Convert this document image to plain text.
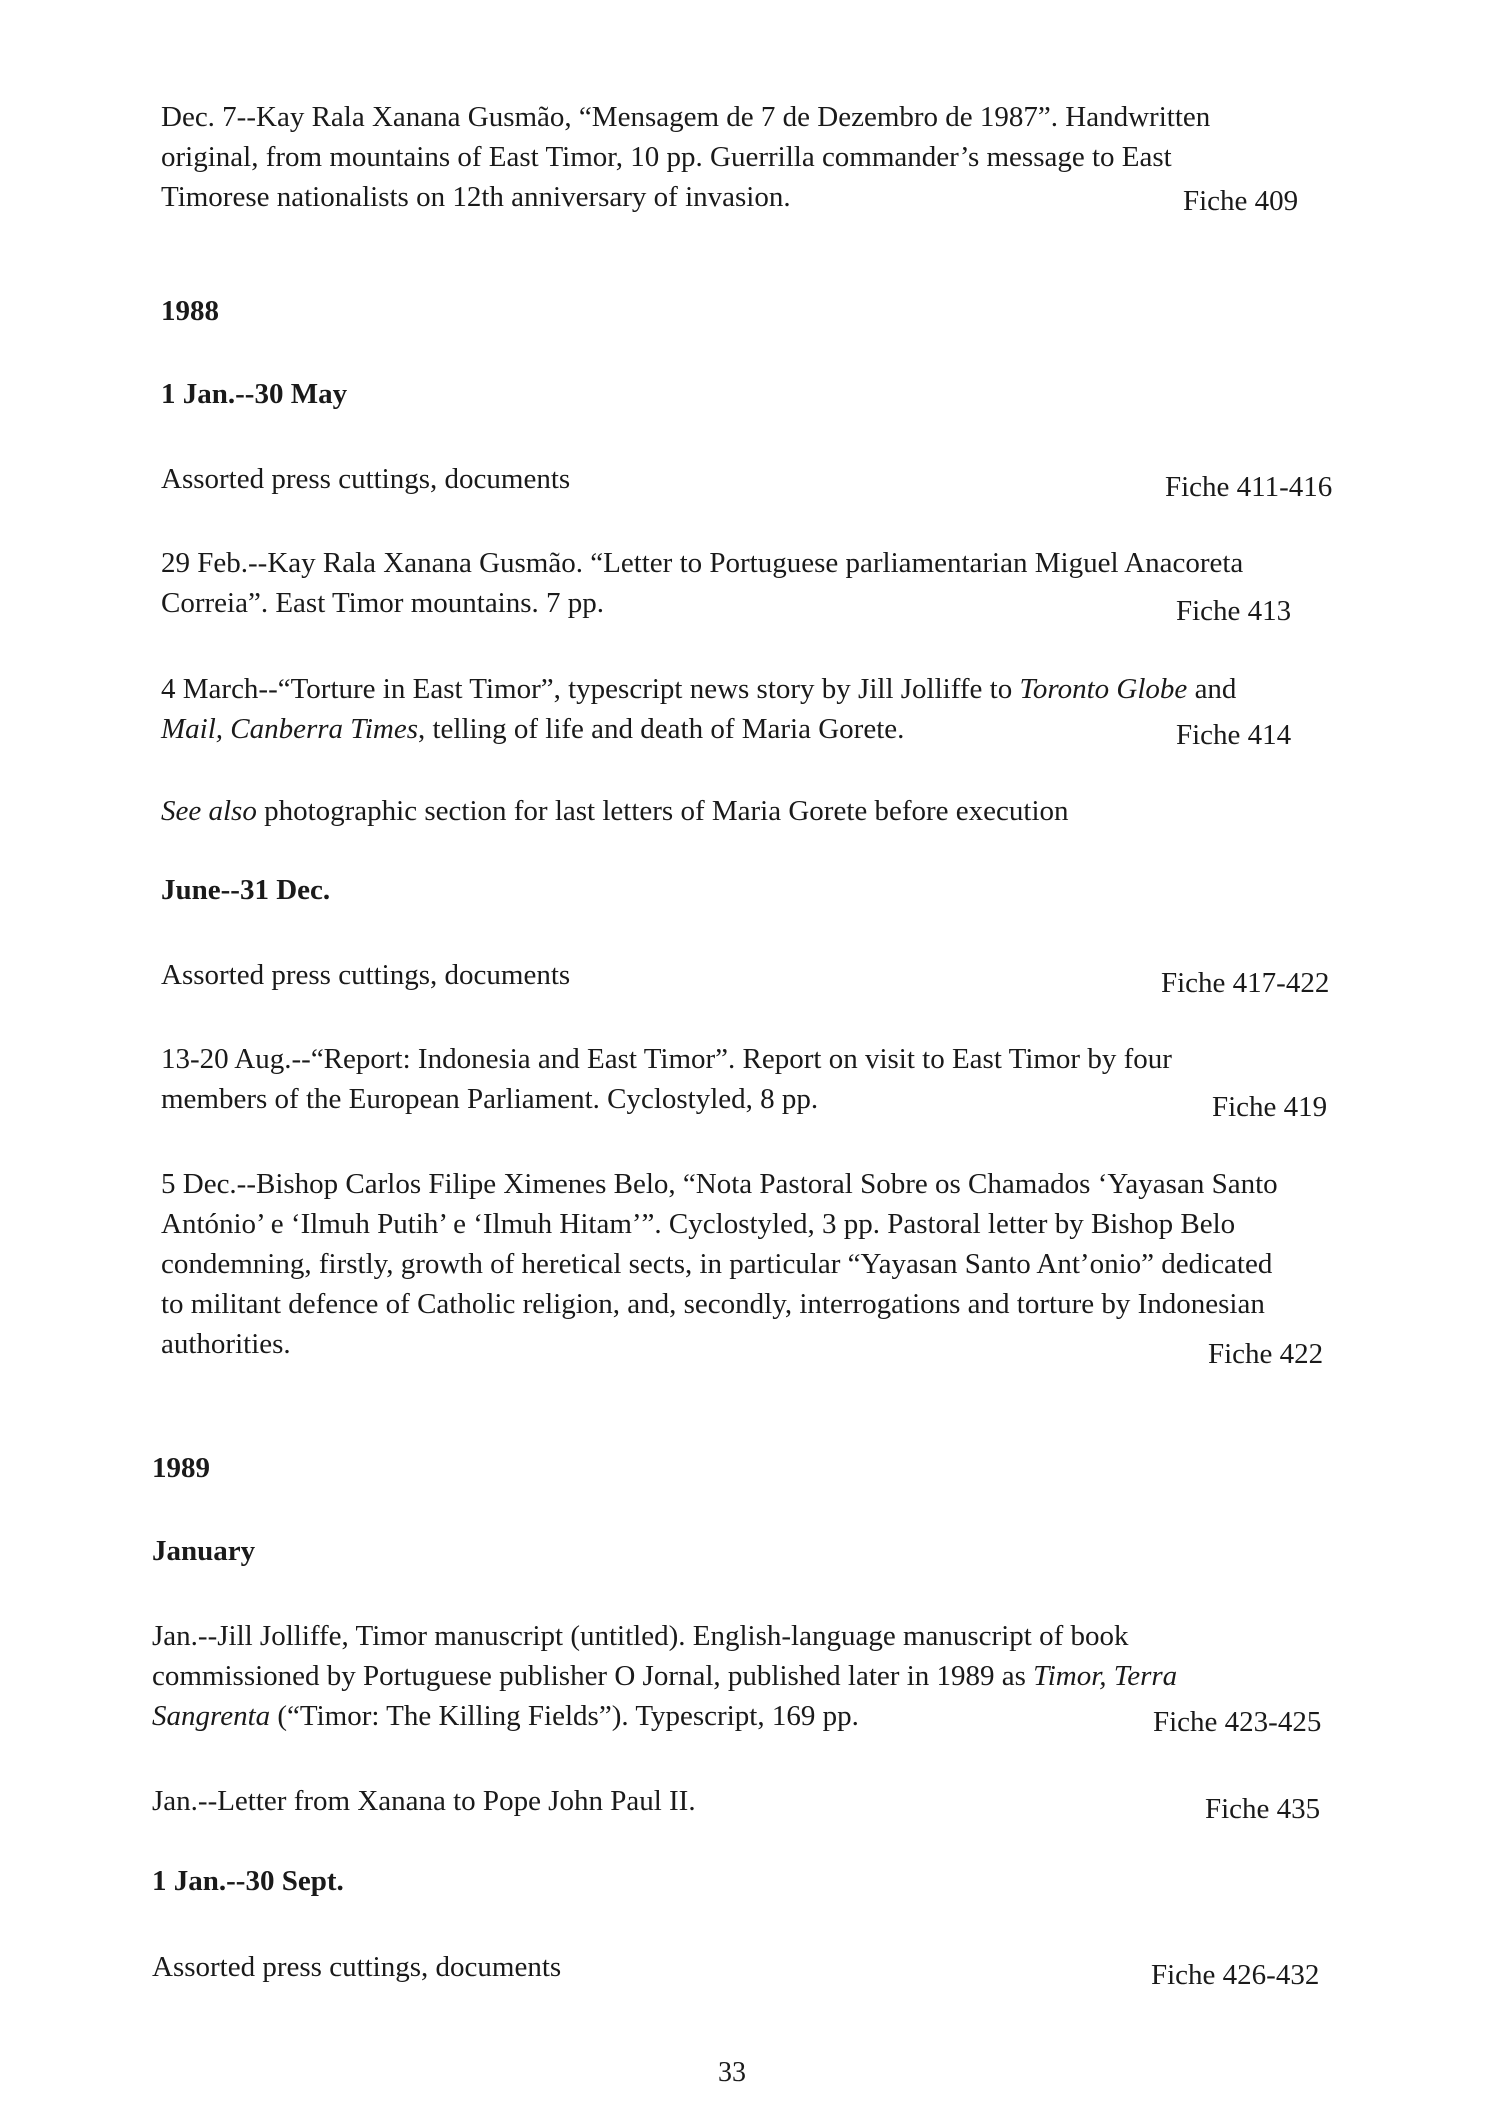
Dec. 7--Kay Rala Xanana Gusmão, “Mensagem de 7 de Dezembro de 1987”. Handwritten
original, from mountains of East Timor, 10 pp. Guerrilla commander’s message to East
Timorese nationalists on 12th anniversary of invasion.	Fiche 409
1988
1 Jan.--30 May
Assorted press cuttings, documents	Fiche 411-416
29 Feb.--Kay Rala Xanana Gusmão. “Letter to Portuguese parliamentarian Miguel Anacoreta
Correia”. East Timor mountains. 7 pp.	Fiche 413
4 March--“Torture in East Timor”, typescript news story by Jill Jolliffe to Toronto Globe and
Mail, Canberra Times, telling of life and death of Maria Gorete.	Fiche 414
See also photographic section for last letters of Maria Gorete before execution
June--31 Dec.
Assorted press cuttings, documents	Fiche 417-422
13-20 Aug.--“Report: Indonesia and East Timor”. Report on visit to East Timor by four
members of the European Parliament. Cyclostyled, 8 pp.	Fiche 419
5 Dec.--Bishop Carlos Filipe Ximenes Belo, “Nota Pastoral Sobre os Chamados ‘Yayasan Santo
António’ e ‘Ilmuh Putih’ e ‘Ilmuh Hitam’”. Cyclostyled, 3 pp. Pastoral letter by Bishop Belo
condemning, firstly, growth of heretical sects, in particular “Yayasan Santo Ant’onio” dedicated
to militant defence of Catholic religion, and, secondly, interrogations and torture by Indonesian
authorities.	Fiche 422
1989
January
Jan.--Jill Jolliffe, Timor manuscript (untitled). English-language manuscript of book
commissioned by Portuguese publisher O Jornal, published later in 1989 as Timor, Terra
Sangrenta (“Timor: The Killing Fields”). Typescript, 169 pp.	Fiche 423-425
Jan.--Letter from Xanana to Pope John Paul II.	Fiche 435
1 Jan.--30 Sept.
Assorted press cuttings, documents	Fiche 426-432
33
